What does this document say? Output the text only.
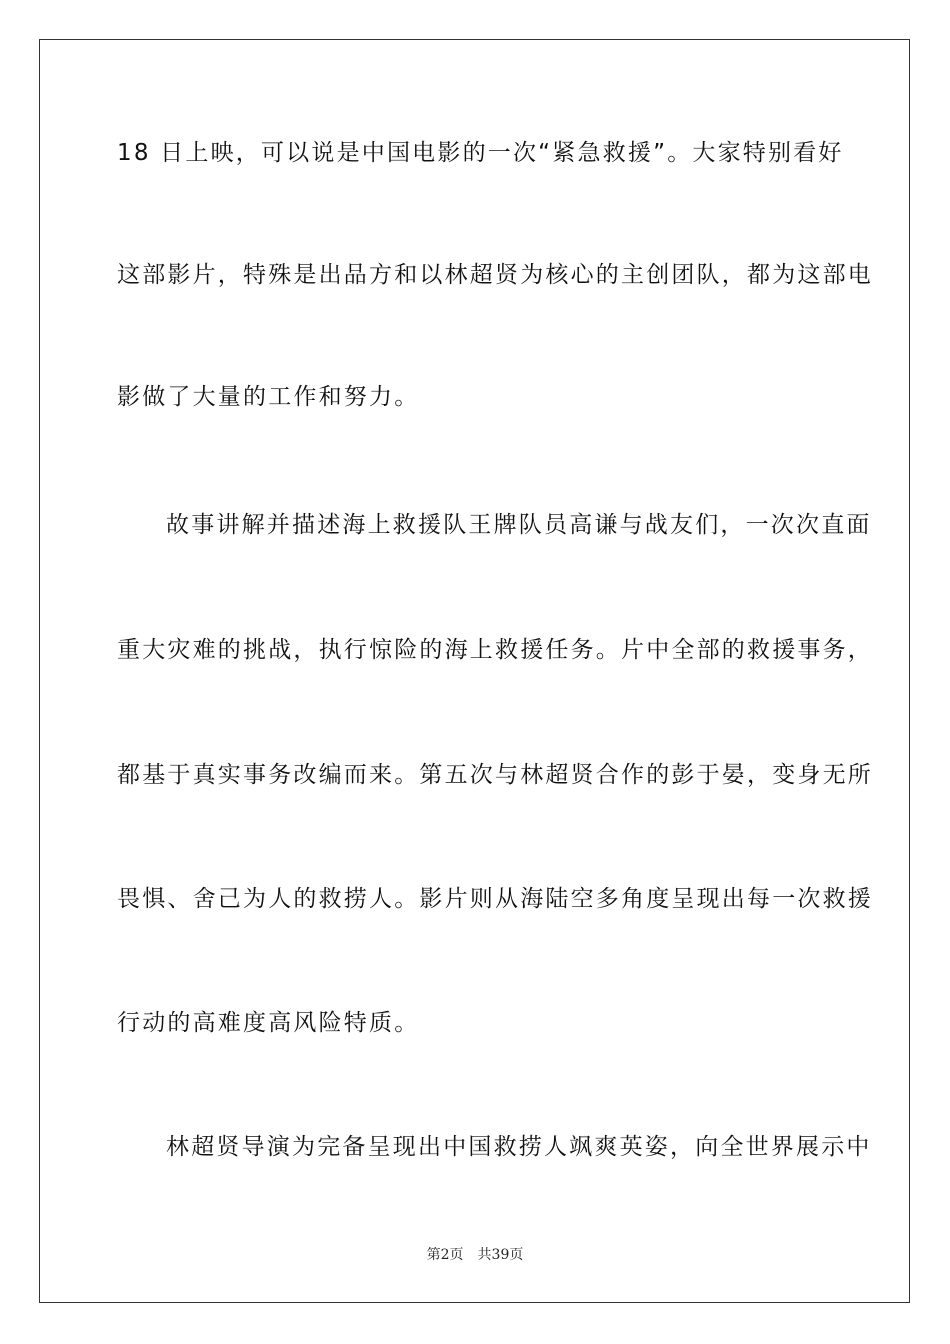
18 日上映，可以说是中国电影的一次“紧急救援”。大家特别看好
这部影片，特殊是出品方和以林超贤为核心的主创团队，都为这部电
影做了大量的工作和努力。
故事讲解并描述海上救援队王牌队员高谦与战友们，一次次直面
重大灾难的挑战，执行惊险的海上救援任务。片中全部的救援事务，
都基于真实事务改编而来。第五次与林超贤合作的彭于晏，变身无所
畏惧、舍己为人的救捞人。影片则从海陆空多角度呈现出每一次救援
行动的高难度高风险特质。
林超贤导演为完备呈现出中国救捞人飒爽英姿，向全世界展示中
第2页 共39页
